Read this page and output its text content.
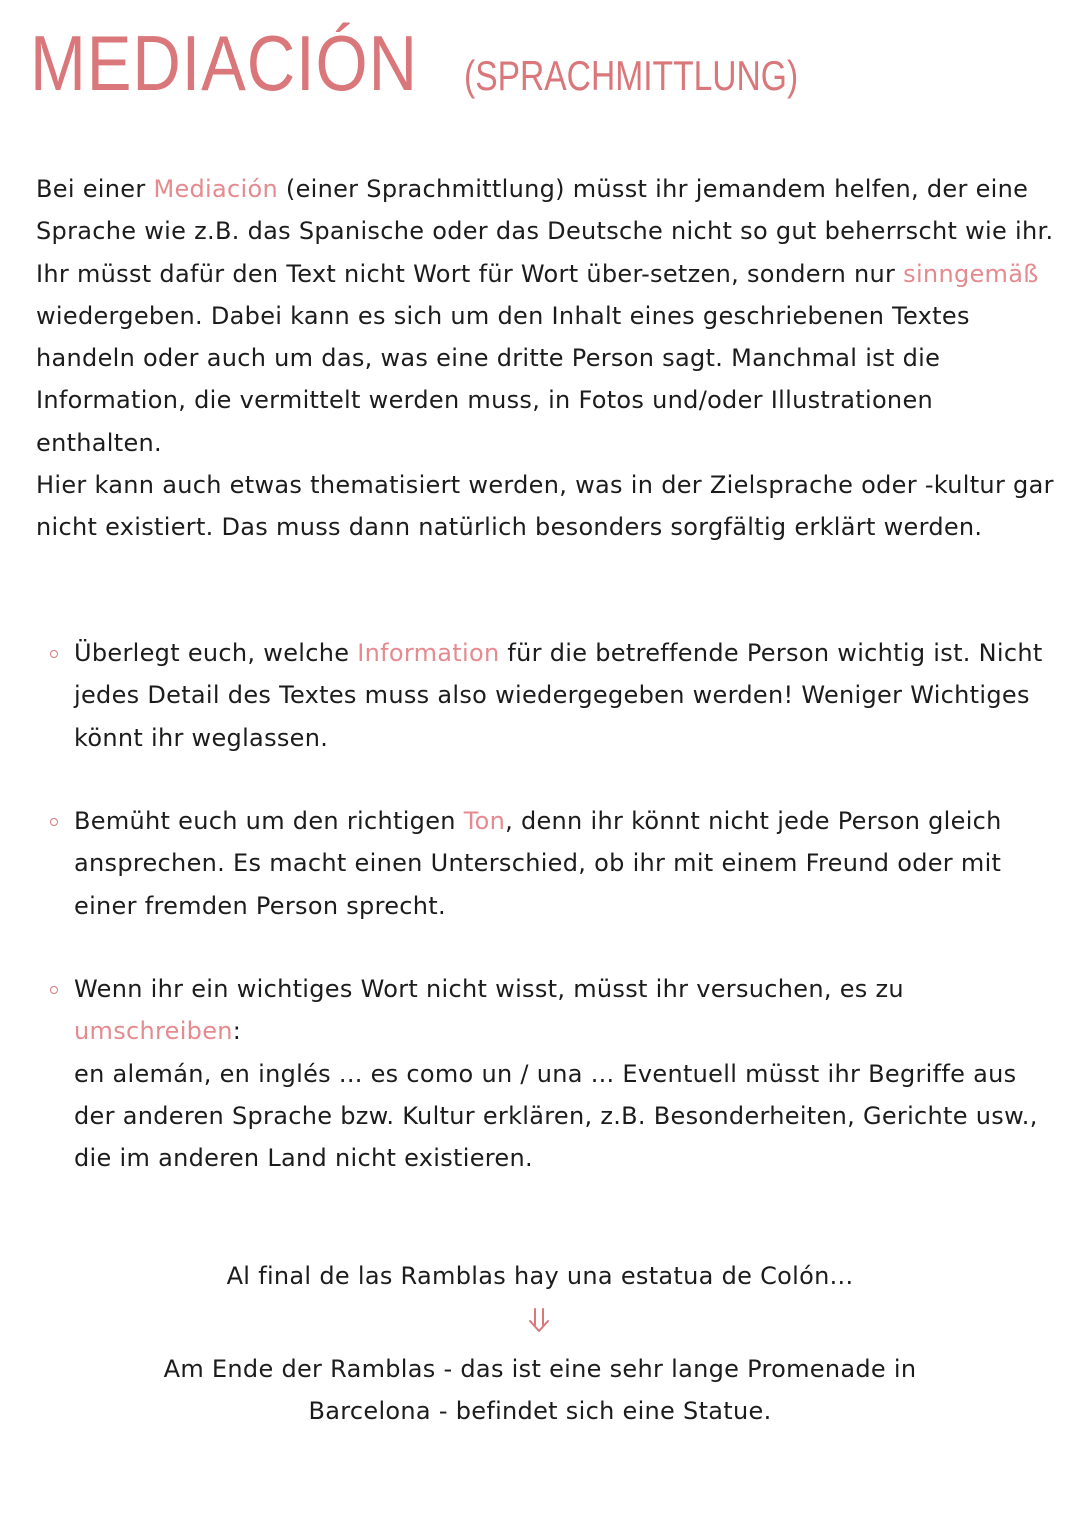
MEDIACIÓN (SPRACHMITTLUNG)
Bei einer Mediación (einer Sprachmittlung) müsst ihr jemandem helfen, der eine Sprache wie z.B. das Spanische oder das Deutsche nicht so gut beherrscht wie ihr. Ihr müsst dafür den Text nicht Wort für Wort über-setzen, sondern nur sinngemäß wiedergeben. Dabei kann es sich um den Inhalt eines geschriebenen Textes handeln oder auch um das, was eine dritte Person sagt. Manchmal ist die Information, die vermittelt werden muss, in Fotos und/oder Illustrationen enthalten.
Hier kann auch etwas thematisiert werden, was in der Zielsprache oder -kultur gar nicht existiert. Das muss dann natürlich besonders sorgfältig erklärt werden.
Überlegt euch, welche Information für die betreffende Person wichtig ist. Nicht jedes Detail des Textes muss also wiedergegeben werden! Weniger Wichtiges könnt ihr weglassen.
Bemüht euch um den richtigen Ton, denn ihr könnt nicht jede Person gleich ansprechen. Es macht einen Unterschied, ob ihr mit einem Freund oder mit einer fremden Person sprecht.
Wenn ihr ein wichtiges Wort nicht wisst, müsst ihr versuchen, es zu
umschreiben:
en alemán, en inglés ... es como un / una ... Eventuell müsst ihr Begriffe aus der anderen Sprache bzw. Kultur erklären, z.B. Besonderheiten, Gerichte usw., die im anderen Land nicht existieren.
Al final de las Ramblas hay una estatua de Colón...
Am Ende der Ramblas - das ist eine sehr lange Promenade in
Barcelona - befindet sich eine Statue.
